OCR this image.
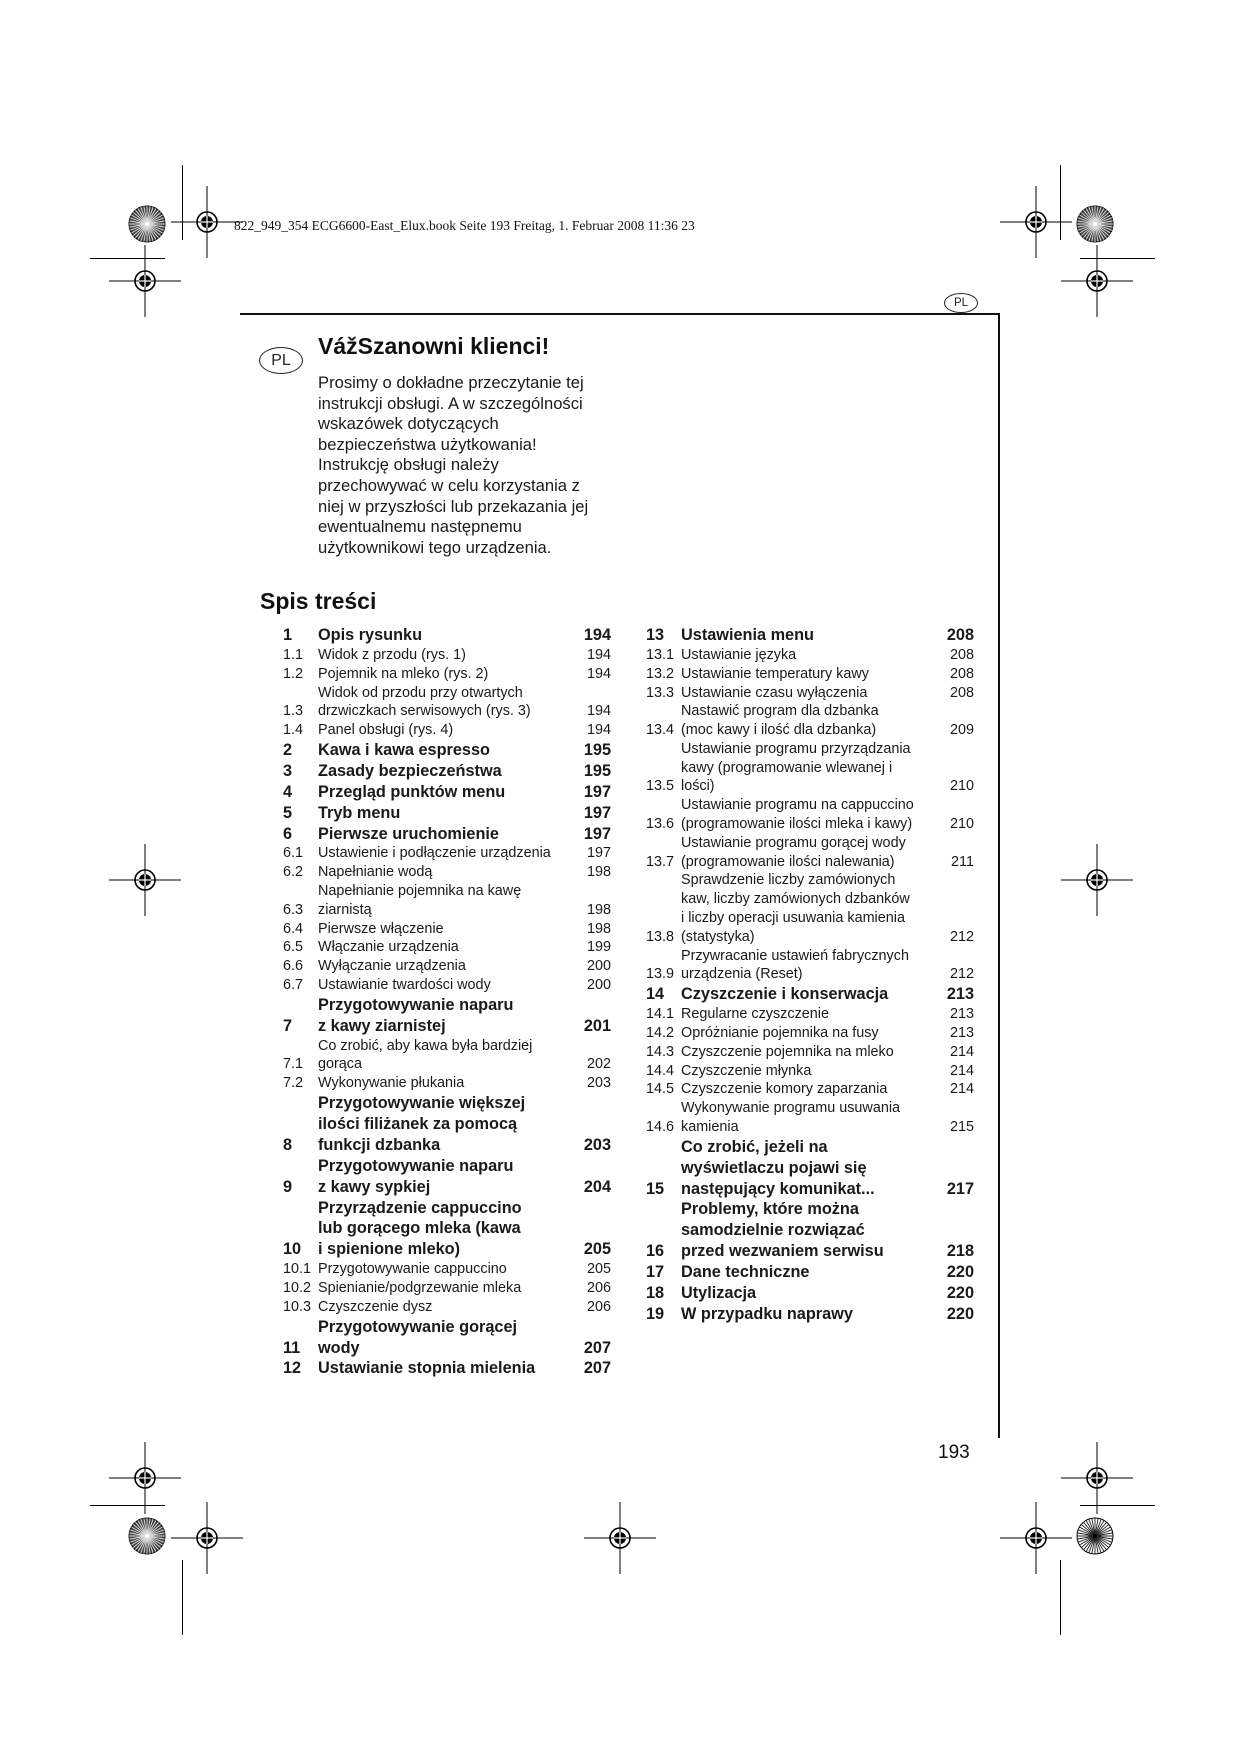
822_949_354 ECG6600-East_Elux.book Seite 193 Freitag, 1. Februar 2008 11:36 23
PL
PL
VážSzanowni klienci!
Prosimy o dokładne przeczytanie tej
instrukcji obsługi. A w szczególności
wskazówek dotyczących
bezpieczeństwa użytkowania!
Instrukcję obsługi należy
przechowywać w celu korzystania z
niej w przyszłości lub przekazania jej
ewentualnemu następnemu
użytkownikowi tego urządzenia.
Spis treści
1	Opis rysunku	194
1.1	Widok z przodu (rys. 1)	194
1.2	Pojemnik na mleko (rys. 2)	194
1.3
Widok od przodu przy otwartych
drzwiczkach serwisowych (rys. 3)	194
1.4	Panel obsługi (rys. 4)	194
2	Kawa i kawa espresso	195
3	Zasady bezpieczeństwa	195
4	Przegląd punktów menu	197
5	Tryb menu	197
6	Pierwsze uruchomienie	197
6.1	Ustawienie i podłączenie urządzenia	197
6.2	Napełnianie wodą	198
6.3
Napełnianie pojemnika na kawę
ziarnistą	198
6.4	Pierwsze włączenie	198
6.5	Włączanie urządzenia	199
6.6	Wyłączanie urządzenia	200
6.7	Ustawianie twardości wody	200
7
Przygotowywanie naparu
z kawy ziarnistej	201
7.1
Co zrobić, aby kawa była bardziej
gorąca	202
7.2	Wykonywanie płukania	203
8
Przygotowywanie większej
ilości filiżanek za pomocą
funkcji dzbanka	203
9
Przygotowywanie naparu
z kawy sypkiej	204
10
Przyrządzenie cappuccino
lub gorącego mleka (kawa
i spienione mleko)	205
10.1 Przygotowywanie cappuccino	205
10.2 Spienianie/podgrzewanie mleka	206
10.3 Czyszczenie dysz	206
11
Przygotowywanie gorącej
wody	207
12	Ustawianie stopnia mielenia	207
13	Ustawienia menu	208
13.1 Ustawianie języka	208
13.2 Ustawianie temperatury kawy	208
13.3 Ustawianie czasu wyłączenia	208
13.4
Nastawić program dla dzbanka
(moc kawy i ilość dla dzbanka)	209
13.5
Ustawianie programu przyrządzania
kawy (programowanie wlewanej i
lości)	210
13.6
Ustawianie programu na cappuccino
(programowanie ilości mleka i kawy)	210
13.7
Ustawianie programu gorącej wody
(programowanie ilości nalewania)	211
13.8
Sprawdzenie liczby zamówionych
kaw, liczby zamówionych dzbanków
i liczby operacji usuwania kamienia
(statystyka)	212
13.9
Przywracanie ustawień fabrycznych
urządzenia (Reset)	212
14	Czyszczenie i konserwacja	213
14.1 Regularne czyszczenie	213
14.2 Opróżnianie pojemnika na fusy	213
14.3 Czyszczenie pojemnika na mleko	214
14.4 Czyszczenie młynka	214
14.5 Czyszczenie komory zaparzania	214
14.6
Wykonywanie programu usuwania
kamienia	215
15
Co zrobić, jeżeli na
wyświetlaczu pojawi się
następujący komunikat...	217
16
Problemy, które można
samodzielnie rozwiązać
przed wezwaniem serwisu	218
17	Dane techniczne	220
18	Utylizacja	220
19	W przypadku naprawy	220
193
